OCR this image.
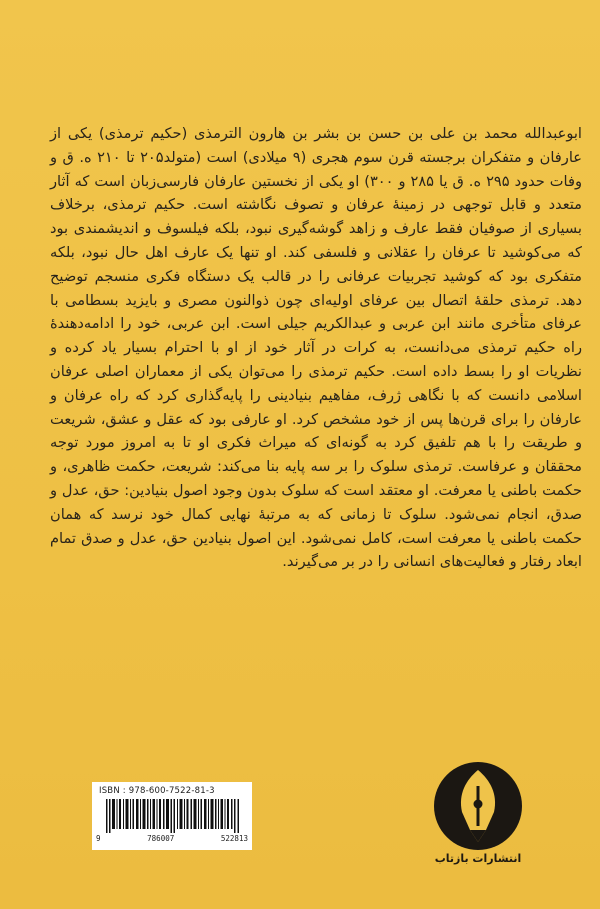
ابوعبدالله محمد بن علی بن حسن بن بشر بن هارون الترمذی (حکیم ترمذی) یکی از عارفان و متفکران برجسته قرن سوم هجری (۹ میلادی) است (متولد۲۰۵ تا ۲۱۰ ه. ق و وفات حدود ۲۹۵ ه. ق یا ۲۸۵ و ۳۰۰) او یکی از نخستین عارفان فارسی‌زبان است که آثار متعدد و قابل توجهی در زمینهٔ عرفان و تصوف نگاشته است. حکیم ترمذی، برخلاف بسیاری از صوفیان فقط عارف و زاهد گوشه‌گیری نبود، بلکه فیلسوف و اندیشمندی بود که می‌کوشید تا عرفان را عقلانی و فلسفی کند. او تنها یک عارف اهل حال نبود، بلکه متفکری بود که کوشید تجربیات عرفانی را در قالب یک دستگاه فکری منسجم توضیح دهد. ترمذی حلقهٔ اتصال بین عرفای اولیه‌ای چون ذوالنون مصری و بایزید بسطامی با عرفای متأخری مانند ابن عربی و عبدالکریم جیلی است. ابن عربی، خود را ادامه‌دهندهٔ راه حکیم ترمذی می‌دانست، به کرات در آثار خود از او با احترام بسیار یاد کرده و نظریات او را بسط داده است. حکیم ترمذی را می‌توان یکی از معماران اصلی عرفان اسلامی دانست که با نگاهی ژرف، مفاهیم بنیادینی را پایه‌گذاری کرد که راه عرفان و عارفان را برای قرن‌ها پس از خود مشخص کرد. او عارفی بود که عقل و عشق، شریعت و طریقت را با هم تلفیق کرد به گونه‌ای که میراث فکری او تا به امروز مورد توجه محققان و عرفاست. ترمذی سلوک را بر سه پایه بنا می‌کند: شریعت، حکمت ظاهری، و حکمت باطنی یا معرفت. او معتقد است که سلوک بدون وجود اصول بنیادین: حق، عدل و صدق، انجام نمی‌شود. سلوک تا زمانی که به مرتبهٔ نهایی کمال خود نرسد که همان حکمت باطنی یا معرفت است، کامل نمی‌شود. این اصول بنیادین حق، عدل و صدق تمام ابعاد رفتار و فعالیت‌های انسانی را در بر می‌گیرند.

ISBN : 978-600-7522-81-3
9	786007	522813
انتشارات بازتاب
